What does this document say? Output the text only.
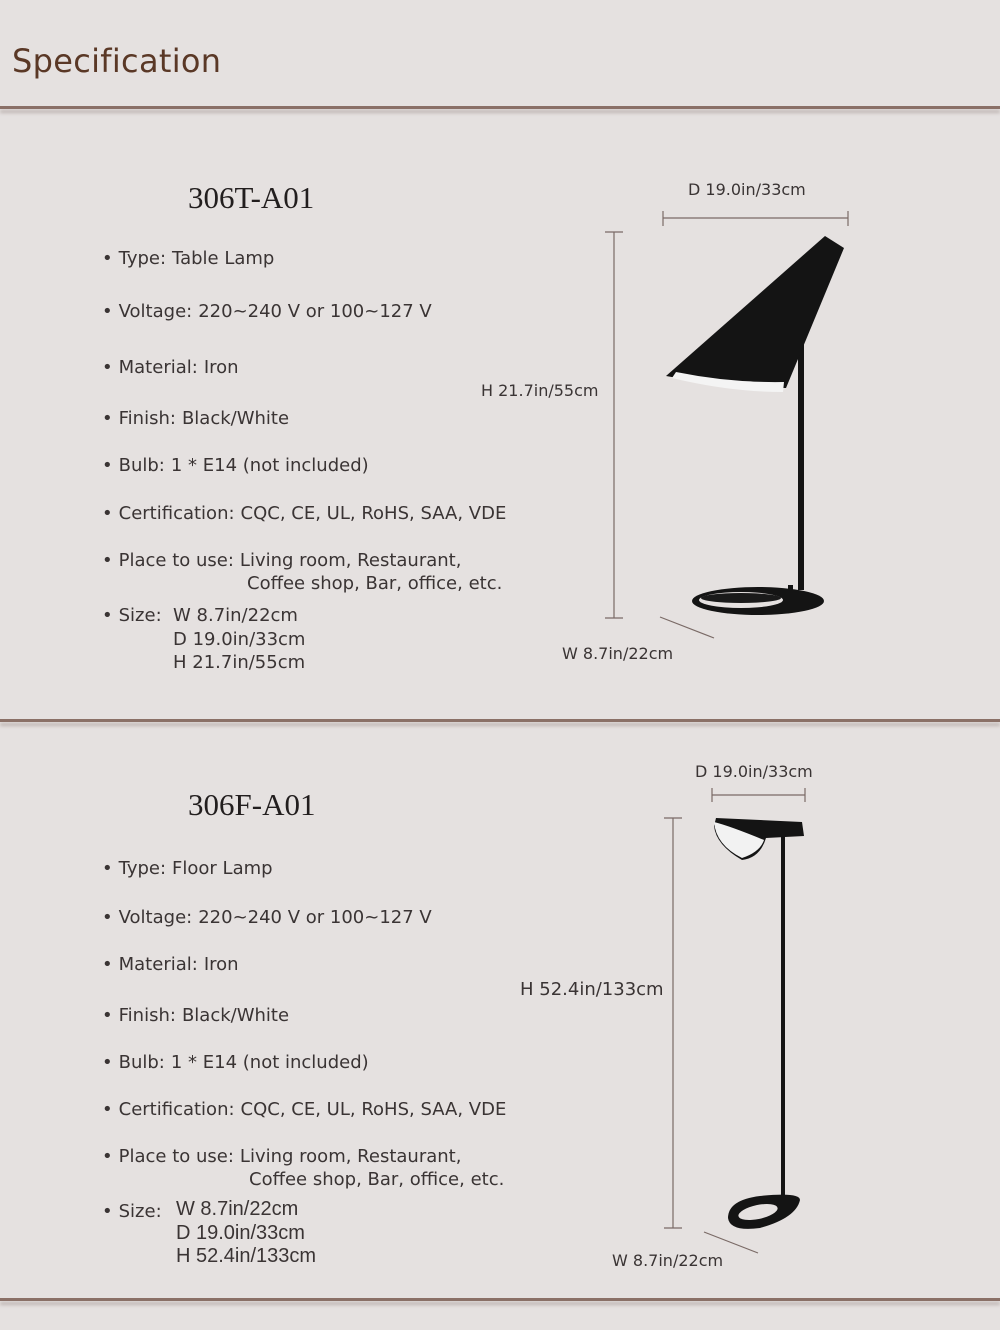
Specification
306T-A01
• Type: Table Lamp
• Voltage: 220~240 V or 100~127 V
• Material: Iron
• Finish: Black/White
• Bulb: 1 * E14 (not included)
• Certification: CQC, CE, UL, RoHS, SAA, VDE
• Place to use: Living room, Restaurant,
Coffee shop, Bar, office, etc.
• Size: W 8.7in/22cm
D 19.0in/33cm
H 21.7in/55cm
D 19.0in/33cm
H 21.7in/55cm
W 8.7in/22cm
306F-A01
• Type: Floor Lamp
• Voltage: 220~240 V or 100~127 V
• Material: Iron
• Finish: Black/White
• Bulb: 1 * E14 (not included)
• Certification: CQC, CE, UL, RoHS, SAA, VDE
• Place to use: Living room, Restaurant,
Coffee shop, Bar, office, etc.
• Size: W 8.7in/22cm
D 19.0in/33cm
H 52.4in/133cm
D 19.0in/33cm
H 52.4in/133cm
W 8.7in/22cm
